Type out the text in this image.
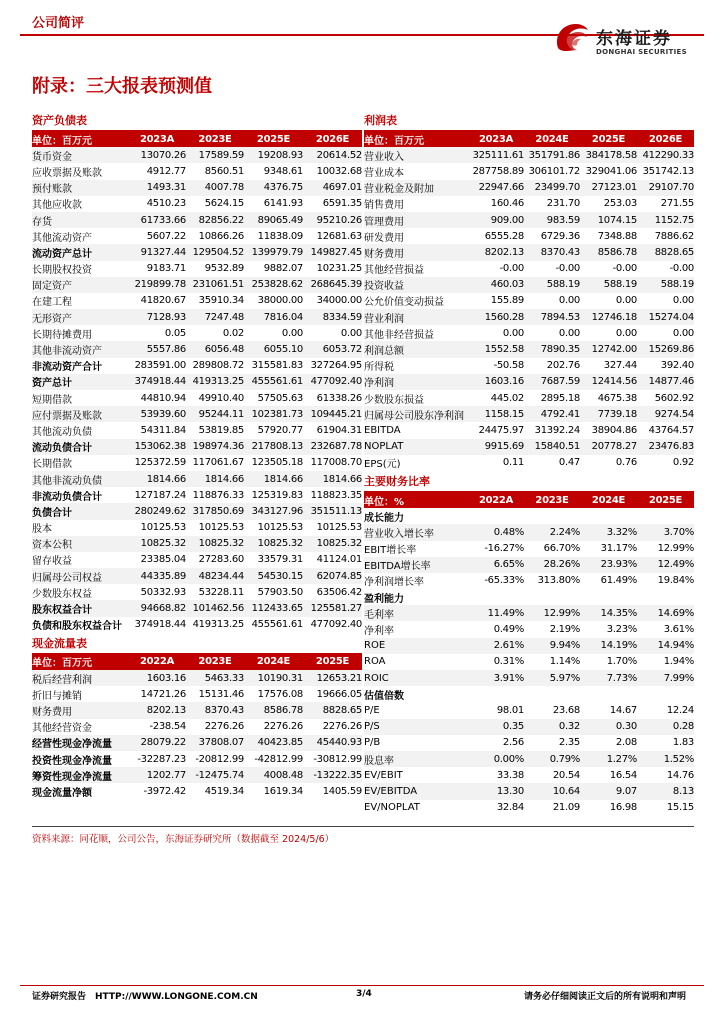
公司简评
东海证券
DONGHAI SECURITIES
附录：三大报表预测值
资产负债表
单位：百万元	2023A	2023E	2025E	2026E
货币资金	13070.26	17589.59	19208.93	20614.52
应收票据及账款	4912.77	8560.51	9348.61	10032.68
预付账款	1493.31	4007.78	4376.75	4697.01
其他应收款	4510.23	5624.15	6141.93	6591.35
存货	61733.66	82856.22	89065.49	95210.26
其他流动资产	5607.22	10866.26	11838.09	12681.63
流动资产总计	91327.44	129504.52	139979.79	149827.45
长期股权投资	9183.71	9532.89	9882.07	10231.25
固定资产	219899.78	231061.51	253828.62	268645.39
在建工程	41820.67	35910.34	38000.00	34000.00
无形资产	7128.93	7247.48	7816.04	8334.59
长期待摊费用	0.05	0.02	0.00	0.00
其他非流动资产	5557.86	6056.48	6055.10	6053.72
非流动资产合计	283591.00	289808.72	315581.83	327264.95
资产总计	374918.44	419313.25	455561.61	477092.40
短期借款	44810.94	49910.40	57505.63	61338.26
应付票据及账款	53939.60	95244.11	102381.73	109445.21
其他流动负债	54311.84	53819.85	57920.77	61904.31
流动负债合计	153062.38	198974.36	217808.13	232687.78
长期借款	125372.59	117061.67	123505.18	117008.70
其他非流动负债	1814.66	1814.66	1814.66	1814.66
非流动负债合计	127187.24	118876.33	125319.83	118823.35
负债合计	280249.62	317850.69	343127.96	351511.13
股本	10125.53	10125.53	10125.53	10125.53
资本公积	10825.32	10825.32	10825.32	10825.32
留存收益	23385.04	27283.60	33579.31	41124.01
归属母公司权益	44335.89	48234.44	54530.15	62074.85
少数股东权益	50332.93	53228.11	57903.50	63506.42
股东权益合计	94668.82	101462.56	112433.65	125581.27
负债和股东权益合计	374918.44	419313.25	455561.61	477092.40
现金流量表
单位：百万元	2022A	2023E	2024E	2025E
税后经营利润	1603.16	5463.33	10190.31	12653.21
折旧与摊销	14721.26	15131.46	17576.08	19666.05
财务费用	8202.13	8370.43	8586.78	8828.65
其他经营资金	-238.54	2276.26	2276.26	2276.26
经营性现金净流量	28079.22	37808.07	40423.85	45440.93
投资性现金净流量	-32287.23	-20812.99	-42812.99	-30812.99
筹资性现金净流量	1202.77	-12475.74	4008.48	-13222.35
现金流量净额	-3972.42	4519.34	1619.34	1405.59
利润表
单位：百万元	2023A	2024E	2025E	2026E
营业收入	325111.61	351791.86	384178.58	412290.33
营业成本	287758.89	306101.72	329041.06	351742.13
营业税金及附加	22947.66	23499.70	27123.01	29107.70
销售费用	160.46	231.70	253.03	271.55
管理费用	909.00	983.59	1074.15	1152.75
研发费用	6555.28	6729.36	7348.88	7886.62
财务费用	8202.13	8370.43	8586.78	8828.65
其他经营损益	-0.00	-0.00	-0.00	-0.00
投资收益	460.03	588.19	588.19	588.19
公允价值变动损益	155.89	0.00	0.00	0.00
营业利润	1560.28	7894.53	12746.18	15274.04
其他非经营损益	0.00	0.00	0.00	0.00
利润总额	1552.58	7890.35	12742.00	15269.86
所得税	-50.58	202.76	327.44	392.40
净利润	1603.16	7687.59	12414.56	14877.46
少数股东损益	445.02	2895.18	4675.38	5602.92
归属母公司股东净利润	1158.15	4792.41	7739.18	9274.54
EBITDA	24475.97	31392.24	38904.86	43764.57
NOPLAT	9915.69	15840.51	20778.27	23476.83
EPS(元)	0.11	0.47	0.76	0.92
主要财务比率
单位：%	2022A	2023E	2024E	2025E
成长能力				
营业收入增长率	0.48%	2.24%	3.32%	3.70%
EBIT增长率	-16.27%	66.70%	31.17%	12.99%
EBITDA增长率	6.65%	28.26%	23.93%	12.49%
净利润增长率	-65.33%	313.80%	61.49%	19.84%
盈利能力				
毛利率	11.49%	12.99%	14.35%	14.69%
净利率	0.49%	2.19%	3.23%	3.61%
ROE	2.61%	9.94%	14.19%	14.94%
ROA	0.31%	1.14%	1.70%	1.94%
ROIC	3.91%	5.97%	7.73%	7.99%
估值倍数				
P/E	98.01	23.68	14.67	12.24
P/S	0.35	0.32	0.30	0.28
P/B	2.56	2.35	2.08	1.83
股息率	0.00%	0.79%	1.27%	1.52%
EV/EBIT	33.38	20.54	16.54	14.76
EV/EBITDA	13.30	10.64	9.07	8.13
EV/NOPLAT	32.84	21.09	16.98	15.15
资料来源：同花顺，公司公告，东海证券研究所（数据截至 2024/5/6）
证券研究报告　HTTP://WWW.LONGONE.COM.CN	3/4	请务必仔细阅读正文后的所有说明和声明
